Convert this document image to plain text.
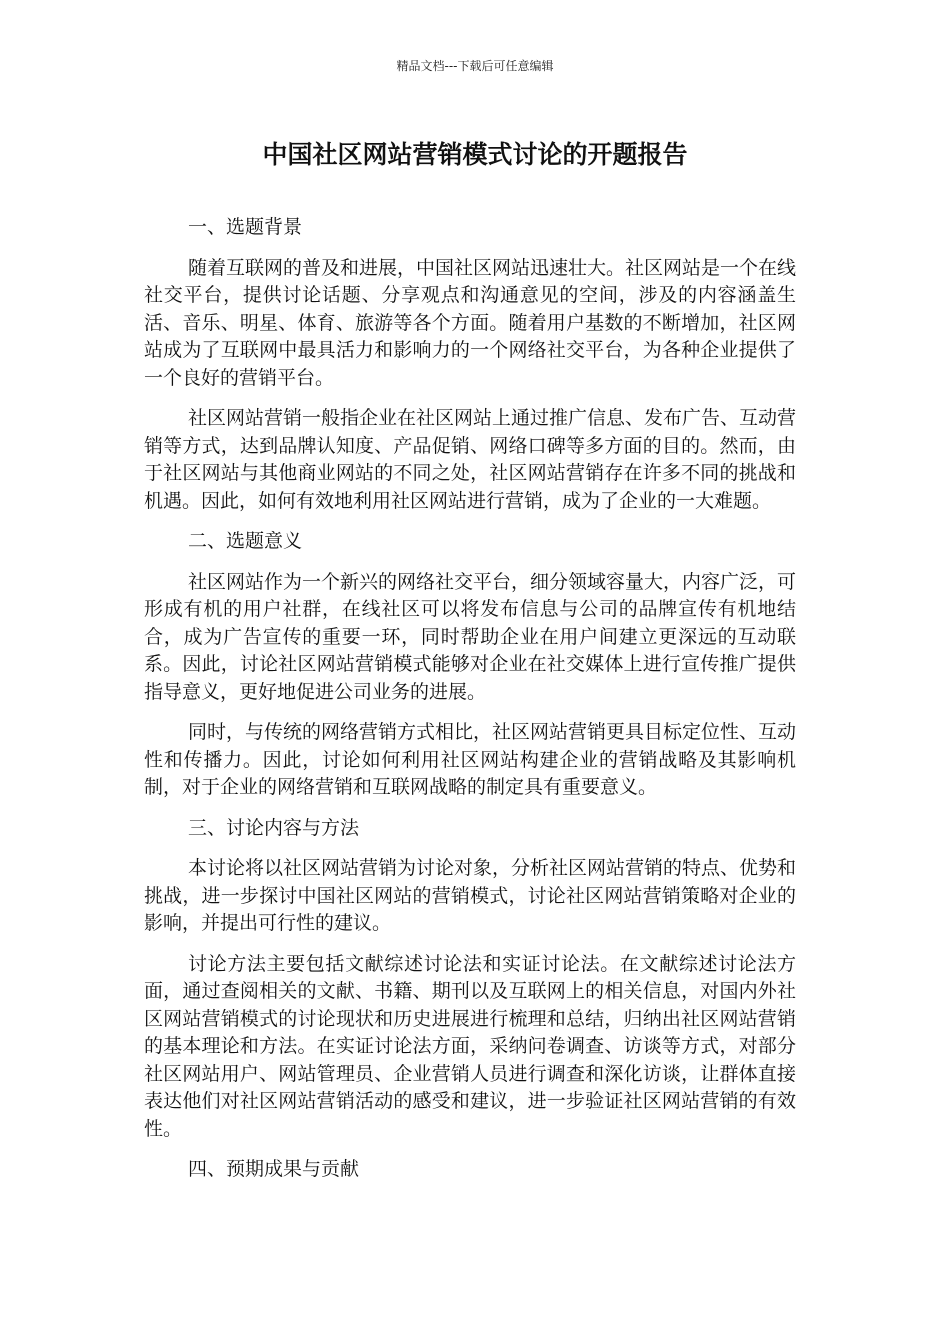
精品文档---下载后可任意编辑
中国社区网站营销模式讨论的开题报告

一、选题背景

随着互联网的普及和进展，中国社区网站迅速壮大。社区网站是一个在线社交平台，提供讨论话题、分享观点和沟通意见的空间，涉及的内容涵盖生活、音乐、明星、体育、旅游等各个方面。随着用户基数的不断增加，社区网站成为了互联网中最具活力和影响力的一个网络社交平台，为各种企业提供了一个良好的营销平台。

社区网站营销一般指企业在社区网站上通过推广信息、发布广告、互动营销等方式，达到品牌认知度、产品促销、网络口碑等多方面的目的。然而，由于社区网站与其他商业网站的不同之处，社区网站营销存在许多不同的挑战和机遇。因此，如何有效地利用社区网站进行营销，成为了企业的一大难题。

二、选题意义

社区网站作为一个新兴的网络社交平台，细分领域容量大，内容广泛，可形成有机的用户社群，在线社区可以将发布信息与公司的品牌宣传有机地结合，成为广告宣传的重要一环，同时帮助企业在用户间建立更深远的互动联系。因此，讨论社区网站营销模式能够对企业在社交媒体上进行宣传推广提供指导意义，更好地促进公司业务的进展。

同时，与传统的网络营销方式相比，社区网站营销更具目标定位性、互动性和传播力。因此，讨论如何利用社区网站构建企业的营销战略及其影响机制，对于企业的网络营销和互联网战略的制定具有重要意义。

三、讨论内容与方法

本讨论将以社区网站营销为讨论对象，分析社区网站营销的特点、优势和挑战，进一步探讨中国社区网站的营销模式，讨论社区网站营销策略对企业的影响，并提出可行性的建议。

讨论方法主要包括文献综述讨论法和实证讨论法。在文献综述讨论法方面，通过查阅相关的文献、书籍、期刊以及互联网上的相关信息，对国内外社区网站营销模式的讨论现状和历史进展进行梳理和总结，归纳出社区网站营销的基本理论和方法。在实证讨论法方面，采纳问卷调查、访谈等方式，对部分社区网站用户、网站管理员、企业营销人员进行调查和深化访谈，让群体直接表达他们对社区网站营销活动的感受和建议，进一步验证社区网站营销的有效性。

四、预期成果与贡献
